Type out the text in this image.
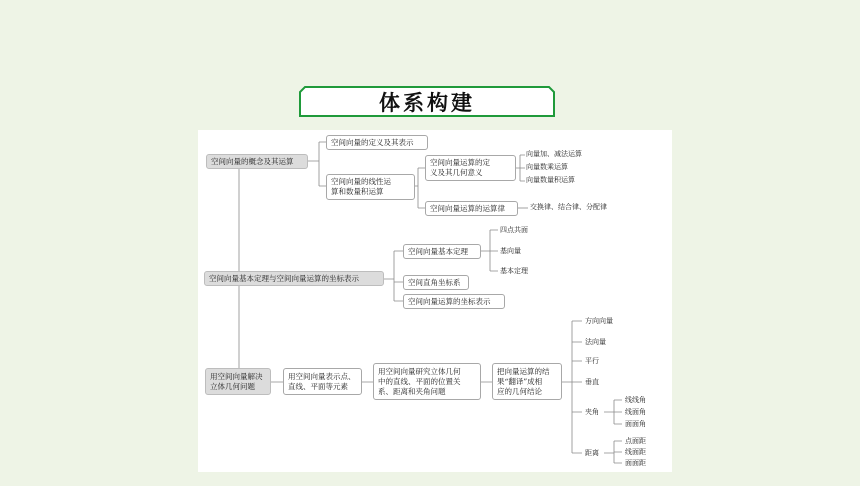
体系构建
空间向量的概念及其运算
空间向量基本定理与空间向量运算的坐标表示
用空间向量解决
立体几何问题
空间向量的定义及其表示
空间向量的线性运
算和数量积运算
空间向量运算的定
义及其几何意义
空间向量运算的运算律
向量加、减法运算
向量数乘运算
向量数量积运算
交换律、结合律、分配律
空间向量基本定理
空间直角坐标系
空间向量运算的坐标表示
四点共面
基向量
基本定理
用空间向量表示点、
直线、平面等元素
用空间向量研究立体几何
中的直线、平面的位置关
系、距离和夹角问题
把向量运算的结
果“翻译”成相
应的几何结论
方向向量
法向量
平行
垂直
夹角
距离
线线角
线面角
面面角
点面距
线面距
面面距
